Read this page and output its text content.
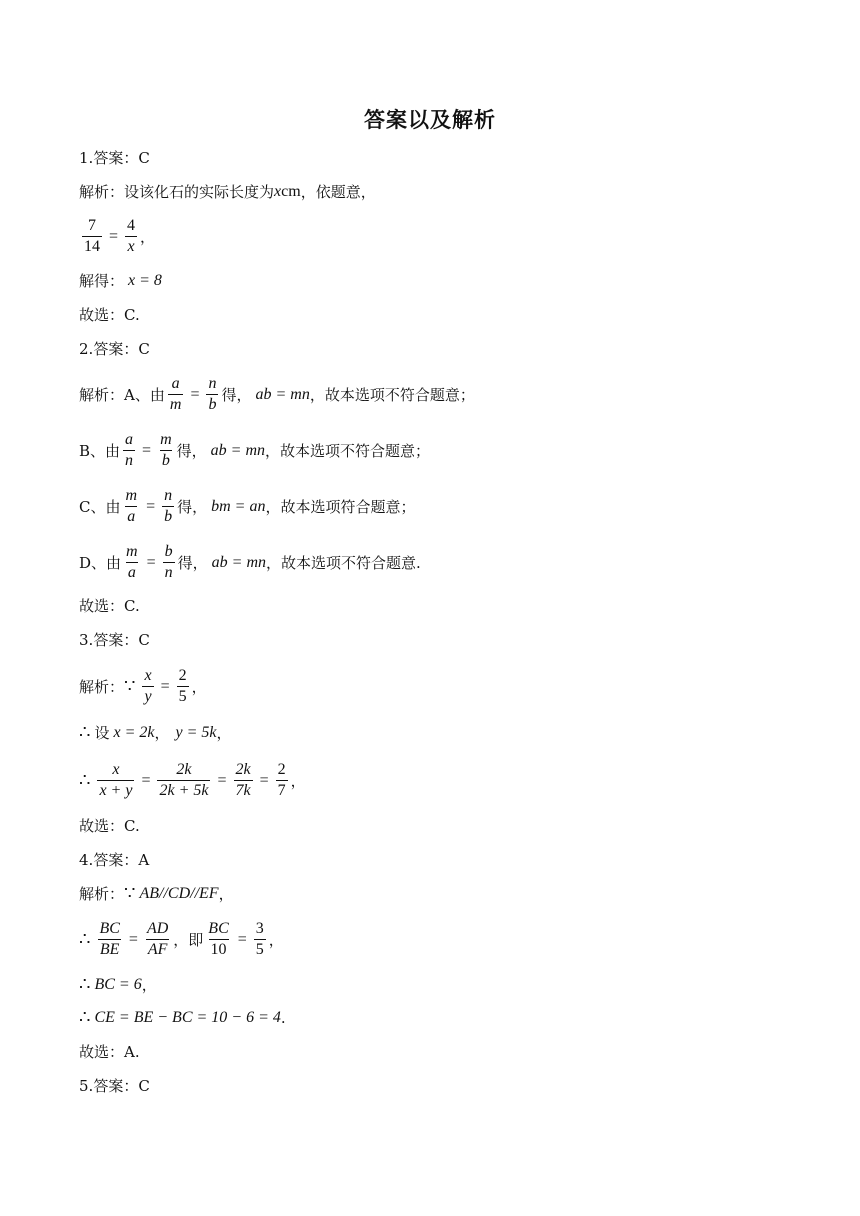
答案以及解析
1. 答案： C
解析： 设该化石的实际长度为 x cm ，依题意，
$\frac{7}{14} = \frac{4}{x}$ ，
解得： x = 8
故选： C.
2. 答案： C
解析： A、 由 $\frac{a}{m} = \frac{n}{b}$ 得， ab = mn ，故本选项不符合题意；
B、 由 $\frac{a}{n} = \frac{m}{b}$ 得， ab = mn ，故本选项不符合题意；
C、 由 $\frac{m}{a} = \frac{n}{b}$ 得， bm = an ，故本选项符合题意；
D、 由 $\frac{m}{a} = \frac{b}{n}$ 得， ab = mn ，故本选项不符合题意.
故选： C.
3. 答案： C
解析： ∵ $\frac{x}{y} = \frac{2}{5}$ ，
∴ 设 x = 2k ， y = 5k ，
∴ $\frac{x}{x + y} = \frac{2k}{2k + 5k} = \frac{2k}{7k} = \frac{2}{7}$ ，
故选： C.
4. 答案： A
解析： ∵ AB//CD//EF ，
∴ $\frac{BC}{BE} = \frac{AD}{AF}$ ， 即 $\frac{BC}{10} = \frac{3}{5}$ ，
∴ BC = 6 ，
∴ CE = BE − BC = 10 − 6 = 4 .
故选： A.
5. 答案： C
